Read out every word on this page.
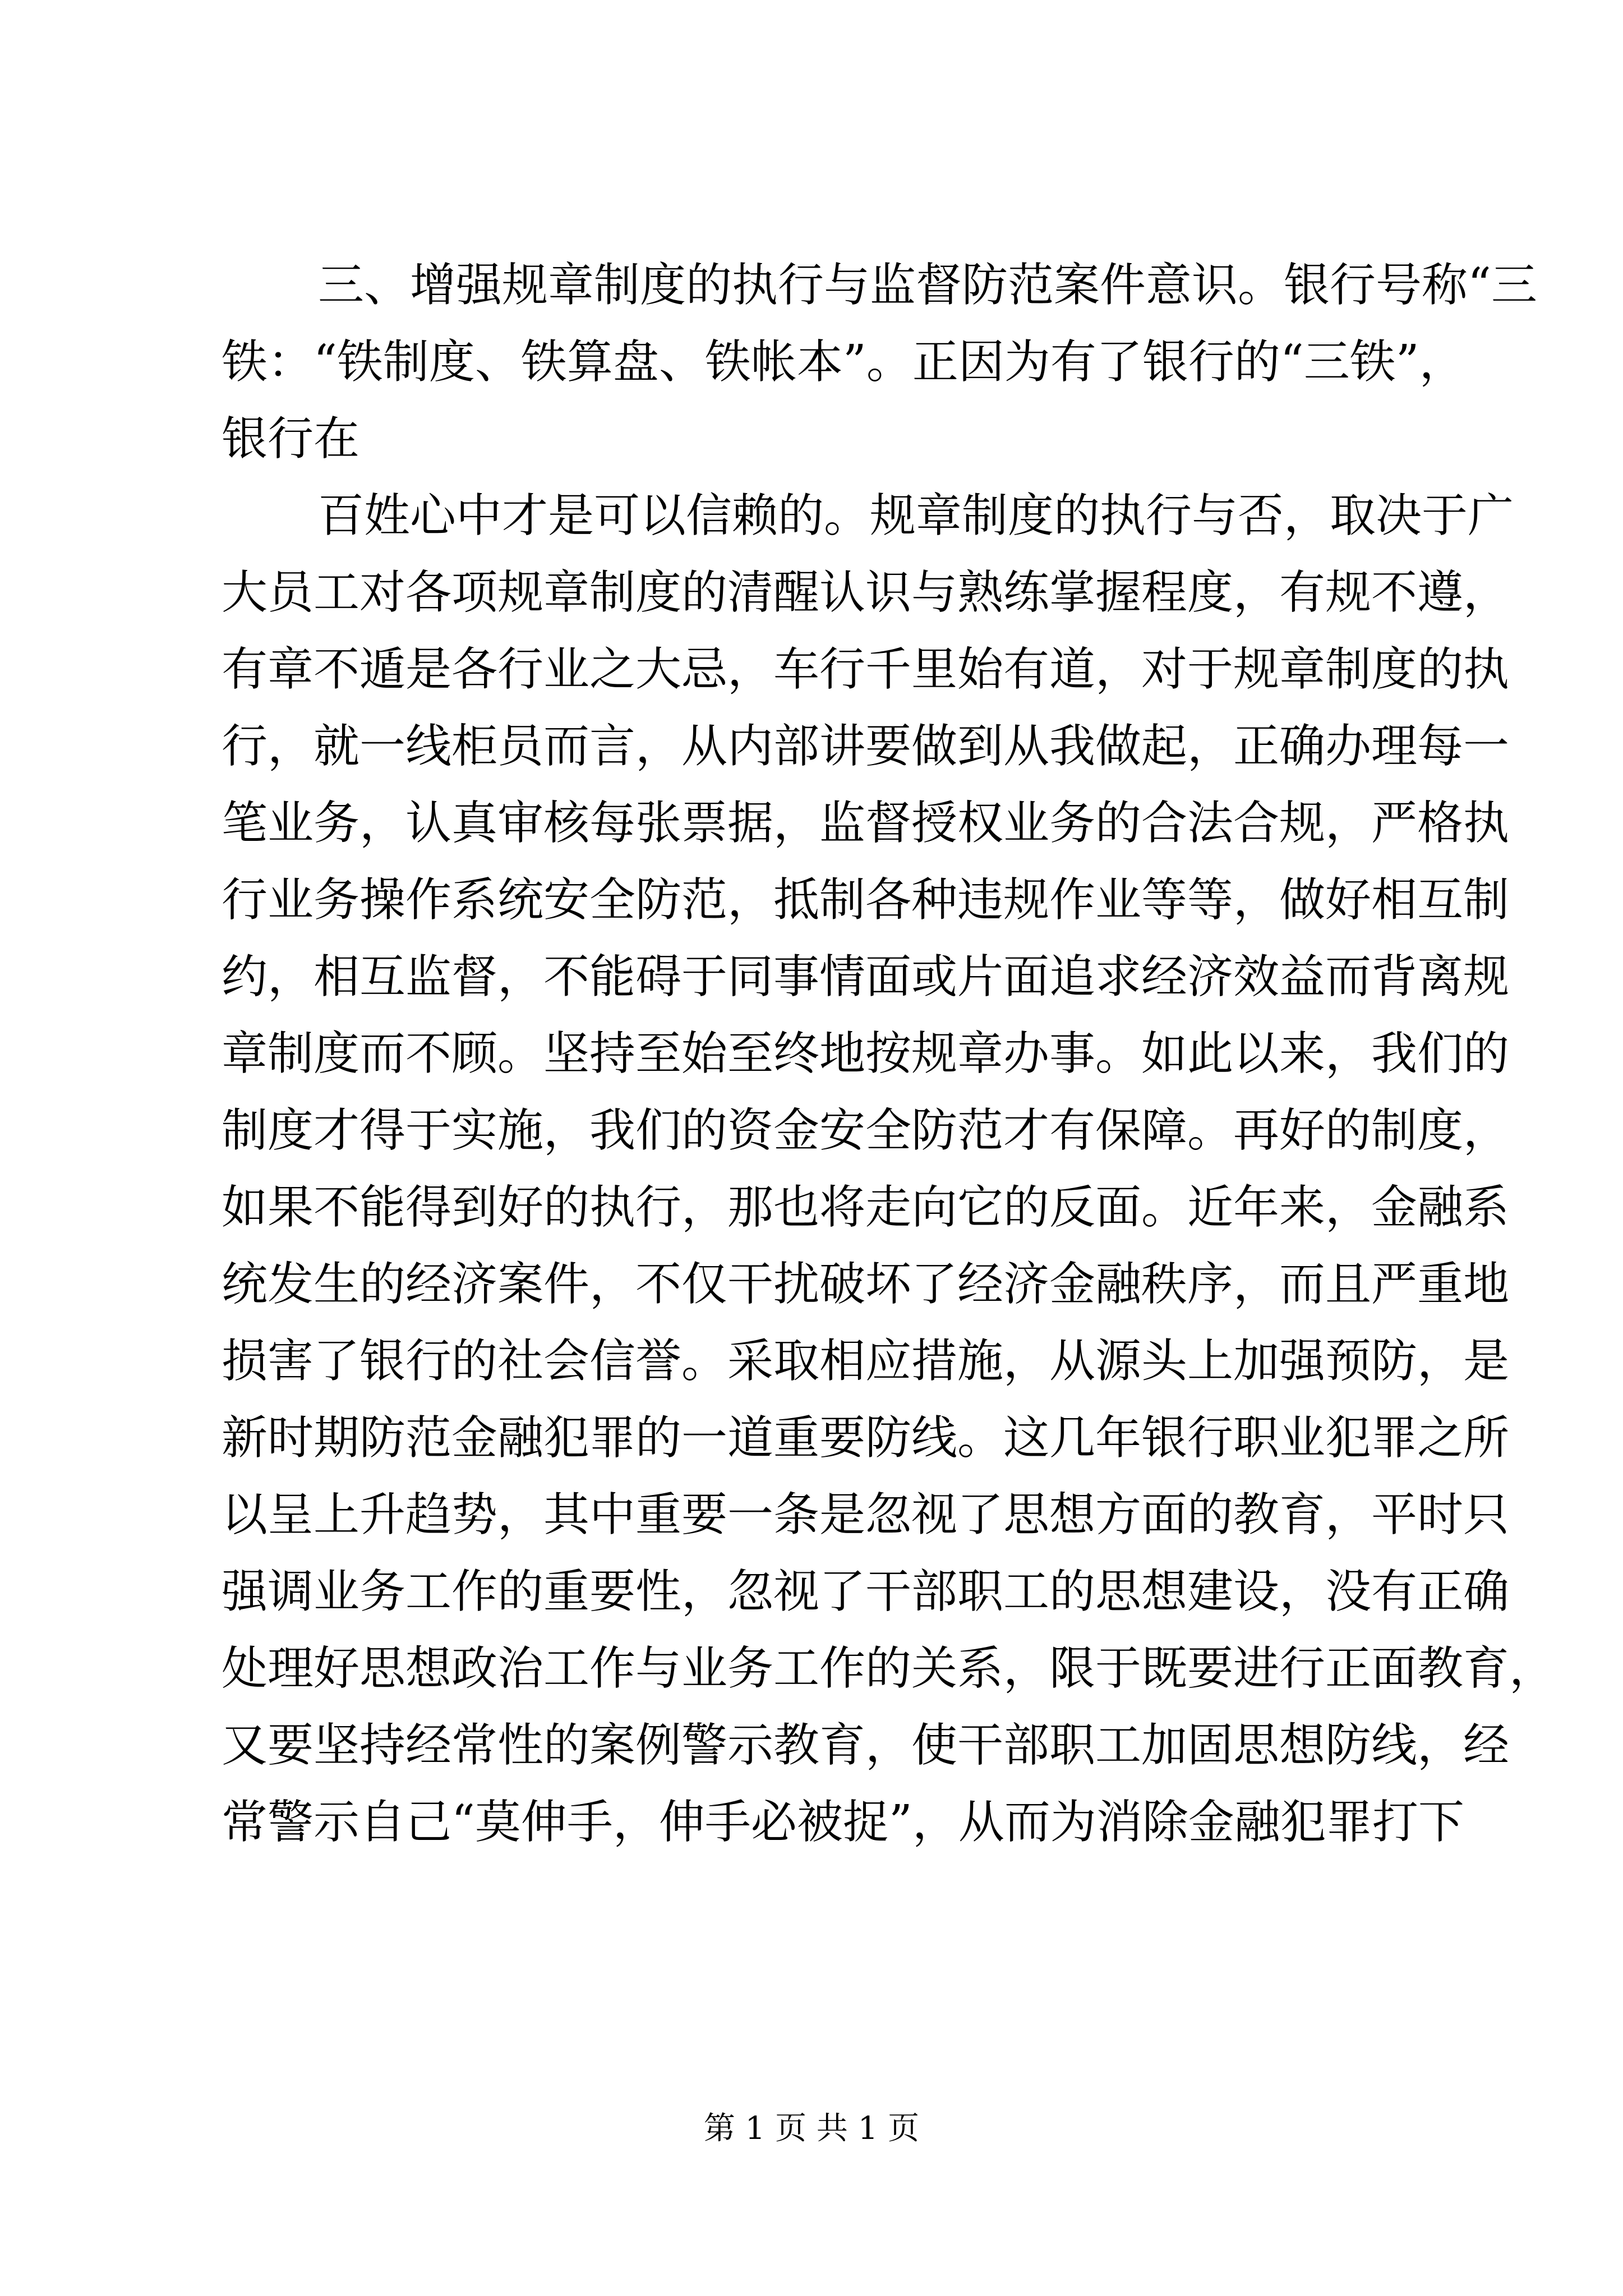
三、增强规章制度的执行与监督防范案件意识。银行号称“三
铁：“铁制度、铁算盘、铁帐本”。正因为有了银行的“三铁”，
银行在
百姓心中才是可以信赖的。规章制度的执行与否，取决于广
大员工对各项规章制度的清醒认识与熟练掌握程度，有规不遵，
有章不遁是各行业之大忌，车行千里始有道，对于规章制度的执
行，就一线柜员而言，从内部讲要做到从我做起，正确办理每一
笔业务，认真审核每张票据，监督授权业务的合法合规，严格执
行业务操作系统安全防范，抵制各种违规作业等等，做好相互制
约，相互监督，不能碍于同事情面或片面追求经济效益而背离规
章制度而不顾。坚持至始至终地按规章办事。如此以来，我们的
制度才得于实施，我们的资金安全防范才有保障。再好的制度，
如果不能得到好的执行，那也将走向它的反面。近年来，金融系
统发生的经济案件，不仅干扰破坏了经济金融秩序，而且严重地
损害了银行的社会信誉。采取相应措施，从源头上加强预防，是
新时期防范金融犯罪的一道重要防线。这几年银行职业犯罪之所
以呈上升趋势，其中重要一条是忽视了思想方面的教育，平时只
强调业务工作的重要性，忽视了干部职工的思想建设，没有正确
处理好思想政治工作与业务工作的关系，限于既要进行正面教育，
又要坚持经常性的案例警示教育，使干部职工加固思想防线，经
常警示自己“莫伸手，伸手必被捉”，从而为消除金融犯罪打下
第 1 页 共 1 页
